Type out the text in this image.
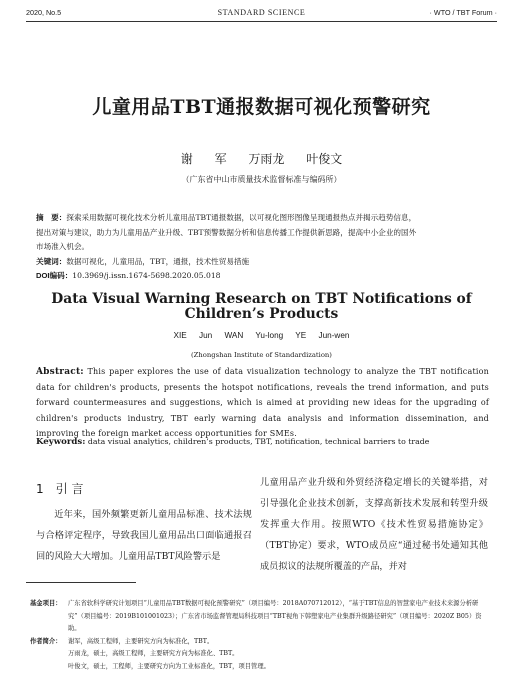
2020, No.5	STANDARD SCIENCE	· WTO / TBT Forum ·
儿童用品TBT通报数据可视化预警研究
谢 军 万雨龙 叶俊文
（广东省中山市质量技术监督标准与编码所）
摘　要：探索采用数据可视化技术分析儿童用品TBT通报数据，以可视化图形图像呈现通报热点并揭示趋势信息，
提出对策与建议，助力为儿童用品产业升级、TBT预警数据分析和信息传播工作提供新思路，提高中小企业的国外
市场准入机会。
关键词：数据可视化，儿童用品，TBT，通报，技术性贸易措施
DOI编码：10.3969/j.issn.1674-5698.2020.05.018
Data Visual Warning Research on TBT Notifications of
Children’s Products
XIE Jun WAN Yu-long YE Jun-wen
(Zhongshan Institute of Standardization)
Abstract: This paper explores the use of data visualization technology to analyze the TBT notification data for children's products, presents the hotspot notifications, reveals the trend information, and puts forward countermeasures and suggestions, which is aimed at providing new ideas for the upgrading of children's products industry, TBT early warning data analysis and information dissemination, and improving the foreign market access opportunities for SMEs.
Keywords: data visual analytics, children’s products, TBT, notification, technical barriers to trade
1 引 言
近年来，国外频繁更新儿童用品标准、技术法规与合格评定程序，导致我国儿童用品出口面临通报召回的风险大大增加。儿童用品TBT风险警示是
儿童用品产业升级和外贸经济稳定增长的关键举措，对引导强化企业技术创新，支撑高新技术发展和转型升级发挥重大作用。按照WTO《技术性贸易措施协定》（TBT协定）要求，WTO成员应“通过秘书处通知其他成员拟议的法规所覆盖的产品，并对
基金项目：	广东省软科学研究计划项目“儿童用品TBT数据可视化预警研究”（项目编号：2018A070712012），“基于TBT信息的智慧家电产业技术来源分析研究”（项目编号：2019B101001023）；广东省市场监督管理局科技项目“TBT视角下韩塑家电产业集群升级路径研究”（项目编号：2020Z B05）资助。
作者简介：	谢军，高级工程师，主要研究方向为标准化，TBT。
万雨龙，硕士，高级工程师，主要研究方向为标准化、TBT。
叶俊文，硕士，工程师，主要研究方向为工业标准化，TBT，项目管理。
